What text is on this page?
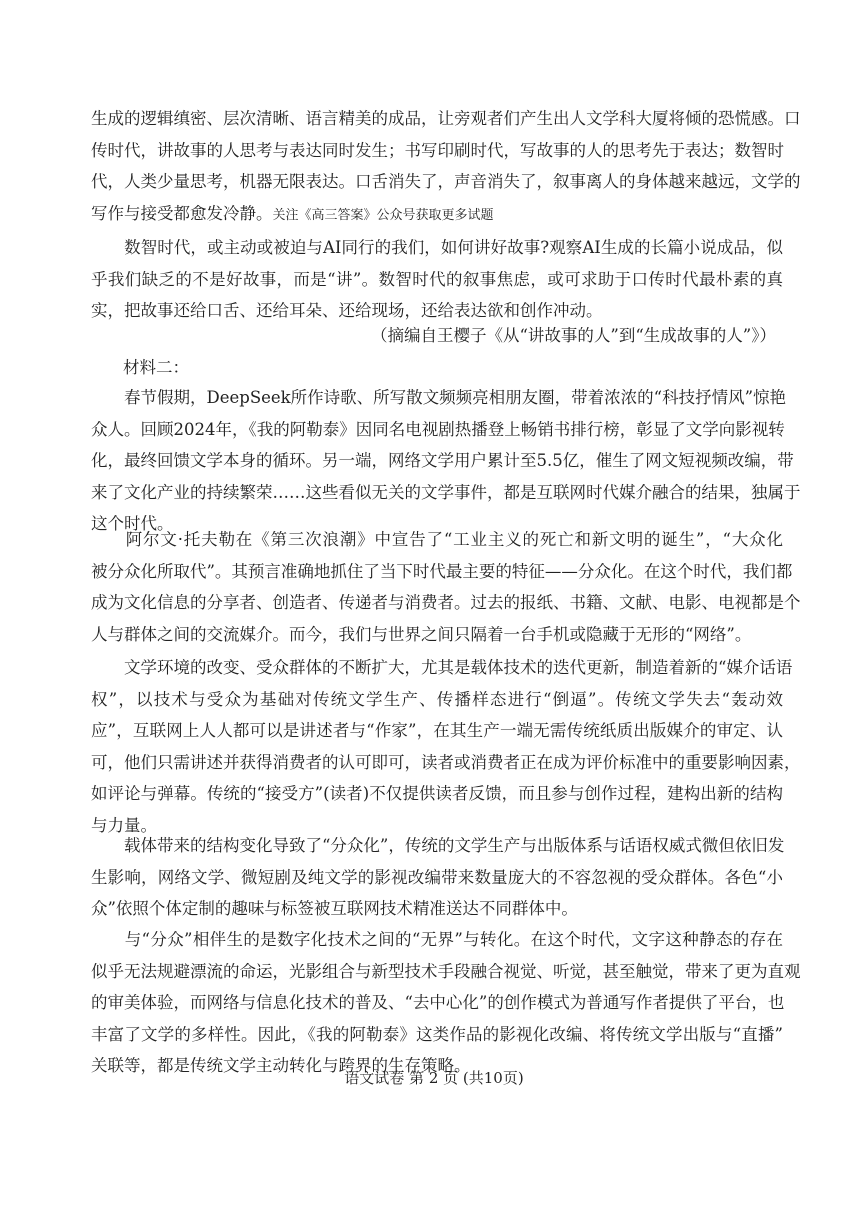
生成的逻辑缜密、层次清晰、语言精美的成品，让旁观者们产生出人文学科大厦将倾的恐慌感。口
传时代，讲故事的人思考与表达同时发生；书写印刷时代，写故事的人的思考先于表达；数智时
代，人类少量思考，机器无限表达。口舌消失了，声音消失了，叙事离人的身体越来越远，文学的
写作与接受都愈发冷静。关注《高三答案》公众号获取更多试题
　　数智时代，或主动或被迫与AI同行的我们，如何讲好故事?观察AI生成的长篇小说成品，似
乎我们缺乏的不是好故事，而是“讲”。数智时代的叙事焦虑，或可求助于口传时代最朴素的真
实，把故事还给口舌、还给耳朵、还给现场，还给表达欲和创作冲动。
（摘编自王樱子《从“讲故事的人”到“生成故事的人”》）
材料二：
　　春节假期，DeepSeek所作诗歌、所写散文频频亮相朋友圈，带着浓浓的“科技抒情风”惊艳
众人。回顾2024年，《我的阿勒泰》因同名电视剧热播登上畅销书排行榜，彰显了文学向影视转
化，最终回馈文学本身的循环。另一端，网络文学用户累计至5.5亿，催生了网文短视频改编，带
来了文化产业的持续繁荣……这些看似无关的文学事件，都是互联网时代媒介融合的结果，独属于
这个时代。
　　阿尔文·托夫勒在《第三次浪潮》中宣告了“工业主义的死亡和新文明的诞生”，“大众化
被分众化所取代”。其预言准确地抓住了当下时代最主要的特征——分众化。在这个时代，我们都
成为文化信息的分享者、创造者、传递者与消费者。过去的报纸、书籍、文献、电影、电视都是个
人与群体之间的交流媒介。而今，我们与世界之间只隔着一台手机或隐藏于无形的“网络”。
　　文学环境的改变、受众群体的不断扩大，尤其是载体技术的迭代更新，制造着新的“媒介话语
权”，以技术与受众为基础对传统文学生产、传播样态进行“倒逼”。传统文学失去“轰动效
应”，互联网上人人都可以是讲述者与“作家”，在其生产一端无需传统纸质出版媒介的审定、认
可，他们只需讲述并获得消费者的认可即可，读者或消费者正在成为评价标准中的重要影响因素，
如评论与弹幕。传统的“接受方”(读者)不仅提供读者反馈，而且参与创作过程，建构出新的结构
与力量。
　　载体带来的结构变化导致了“分众化”，传统的文学生产与出版体系与话语权威式微但依旧发
生影响，网络文学、微短剧及纯文学的影视改编带来数量庞大的不容忽视的受众群体。各色“小
众”依照个体定制的趣味与标签被互联网技术精准送达不同群体中。
　　与“分众”相伴生的是数字化技术之间的“无界”与转化。在这个时代，文字这种静态的存在
似乎无法规避漂流的命运，光影组合与新型技术手段融合视觉、听觉，甚至触觉，带来了更为直观
的审美体验，而网络与信息化技术的普及、“去中心化”的创作模式为普通写作者提供了平台，也
丰富了文学的多样性。因此，《我的阿勒泰》这类作品的影视化改编、将传统文学出版与“直播”
关联等，都是传统文学主动转化与跨界的生存策略。
语文试卷 第 2 页 (共10页)
